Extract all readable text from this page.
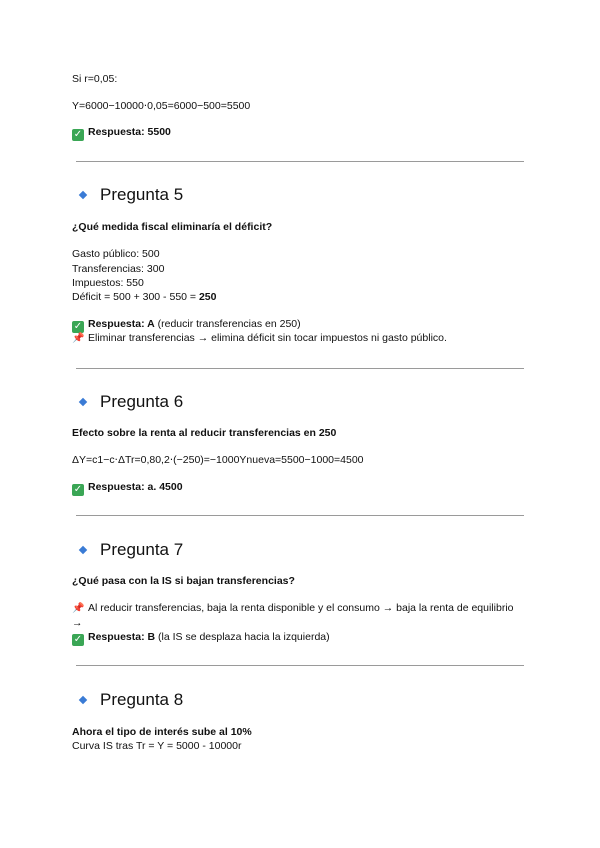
Si r=0,05:
Y=6000−10000⋅0,05=6000−500=5500
✓ Respuesta: 5500
Pregunta 5
¿Qué medida fiscal eliminaría el déficit?
Gasto público: 500
Transferencias: 300
Impuestos: 550
Déficit = 500 + 300 - 550 = 250
✓ Respuesta: A (reducir transferencias en 250)
📌 Eliminar transferencias → elimina déficit sin tocar impuestos ni gasto público.
Pregunta 6
Efecto sobre la renta al reducir transferencias en 250
ΔY=c1−c⋅ΔTr=0,80,2⋅(−250)=−1000Ynueva=5500−1000=4500
✓ Respuesta: a. 4500
Pregunta 7
¿Qué pasa con la IS si bajan transferencias?
📌 Al reducir transferencias, baja la renta disponible y el consumo → baja la renta de equilibrio →
✓ Respuesta: B (la IS se desplaza hacia la izquierda)
Pregunta 8
Ahora el tipo de interés sube al 10%
Curva IS tras Tr = Y = 5000 - 10000r
